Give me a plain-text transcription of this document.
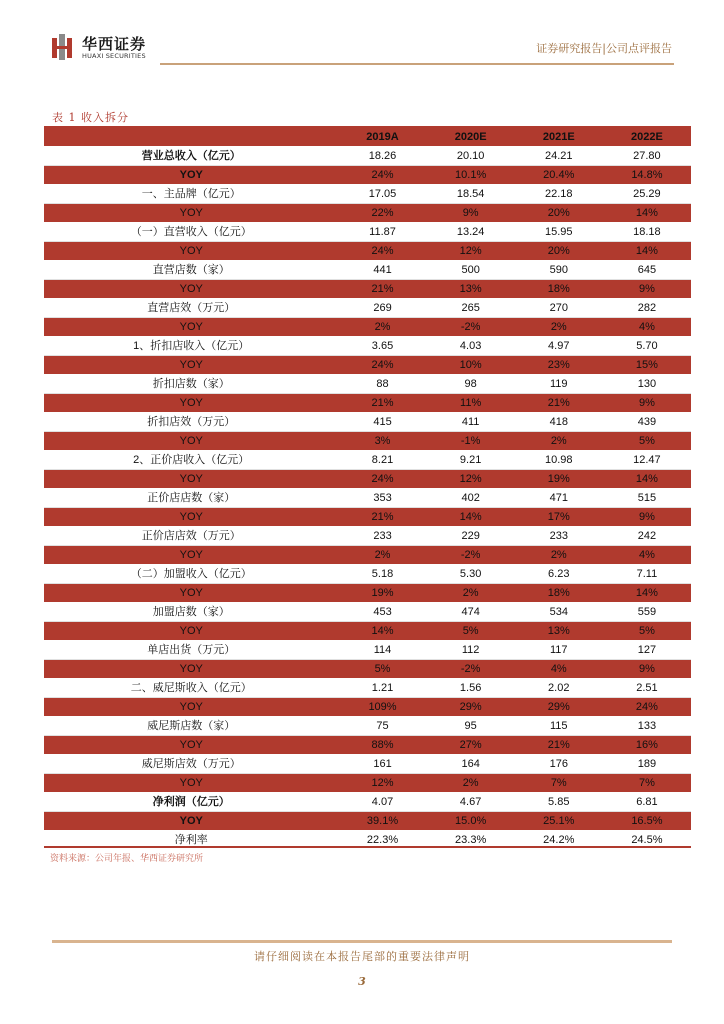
华西证券
HUAXI SECURITIES
证券研究报告|公司点评报告
表 1 收入拆分
	2019A	2020E	2021E	2022E
营业总收入（亿元）	18.26	20.10	24.21	27.80
YOY	24%	10.1%	20.4%	14.8%
一、主品牌（亿元）	17.05	18.54	22.18	25.29
YOY	22%	9%	20%	14%
（一）直营收入（亿元）	11.87	13.24	15.95	18.18
YOY	24%	12%	20%	14%
直营店数（家）	441	500	590	645
YOY	21%	13%	18%	9%
直营店效（万元）	269	265	270	282
YOY	2%	-2%	2%	4%
1、折扣店收入（亿元）	3.65	4.03	4.97	5.70
YOY	24%	10%	23%	15%
折扣店数（家）	88	98	119	130
YOY	21%	11%	21%	9%
折扣店效（万元）	415	411	418	439
YOY	3%	-1%	2%	5%
2、正价店收入（亿元）	8.21	9.21	10.98	12.47
YOY	24%	12%	19%	14%
正价店店数（家）	353	402	471	515
YOY	21%	14%	17%	9%
正价店店效（万元）	233	229	233	242
YOY	2%	-2%	2%	4%
（二）加盟收入（亿元）	5.18	5.30	6.23	7.11
YOY	19%	2%	18%	14%
加盟店数（家）	453	474	534	559
YOY	14%	5%	13%	5%
单店出货（万元）	114	112	117	127
YOY	5%	-2%	4%	9%
二、威尼斯收入（亿元）	1.21	1.56	2.02	2.51
YOY	109%	29%	29%	24%
威尼斯店数（家）	75	95	115	133
YOY	88%	27%	21%	16%
威尼斯店效（万元）	161	164	176	189
YOY	12%	2%	7%	7%
净利润（亿元）	4.07	4.67	5.85	6.81
YOY	39.1%	15.0%	25.1%	16.5%
净利率	22.3%	23.3%	24.2%	24.5%
资料来源：公司年报、华西证券研究所
请仔细阅读在本报告尾部的重要法律声明
3
